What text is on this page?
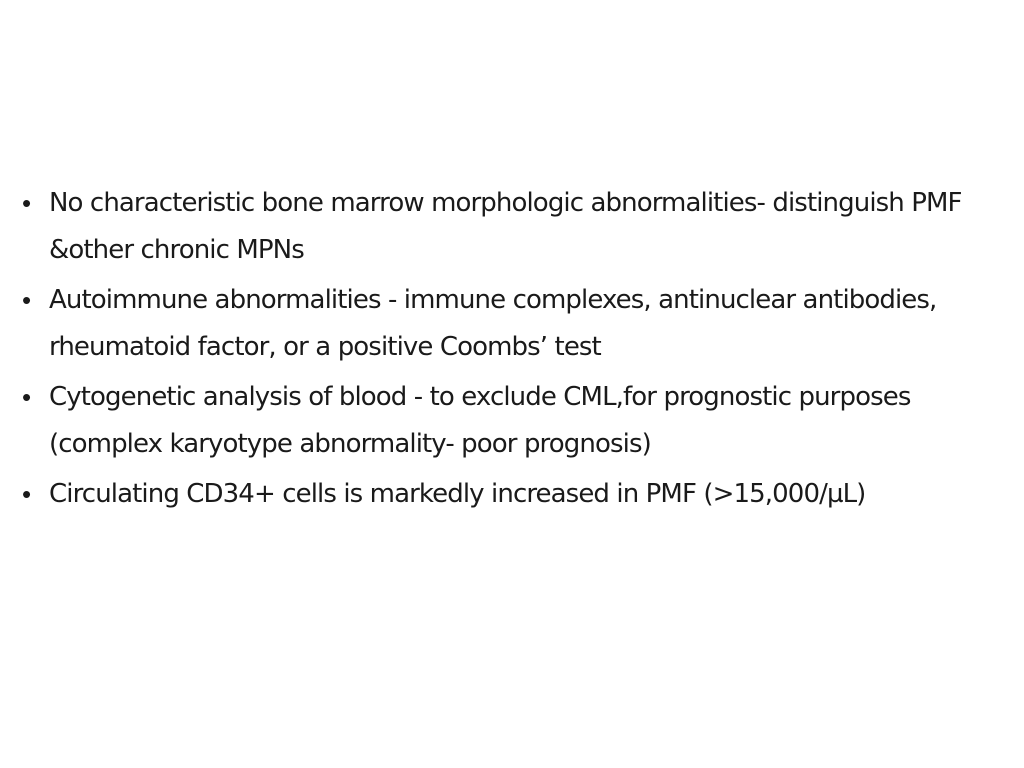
• No characteristic bone marrow morphologic abnormalities- distinguish PMF &other chronic MPNs
• Autoimmune abnormalities - immune complexes, antinuclear antibodies, rheumatoid factor, or a positive Coombs’ test
• Cytogenetic analysis of blood - to exclude CML,for prognostic purposes (complex karyotype abnormality- poor prognosis)
• Circulating CD34+ cells is markedly increased in PMF (>15,000/µL)
